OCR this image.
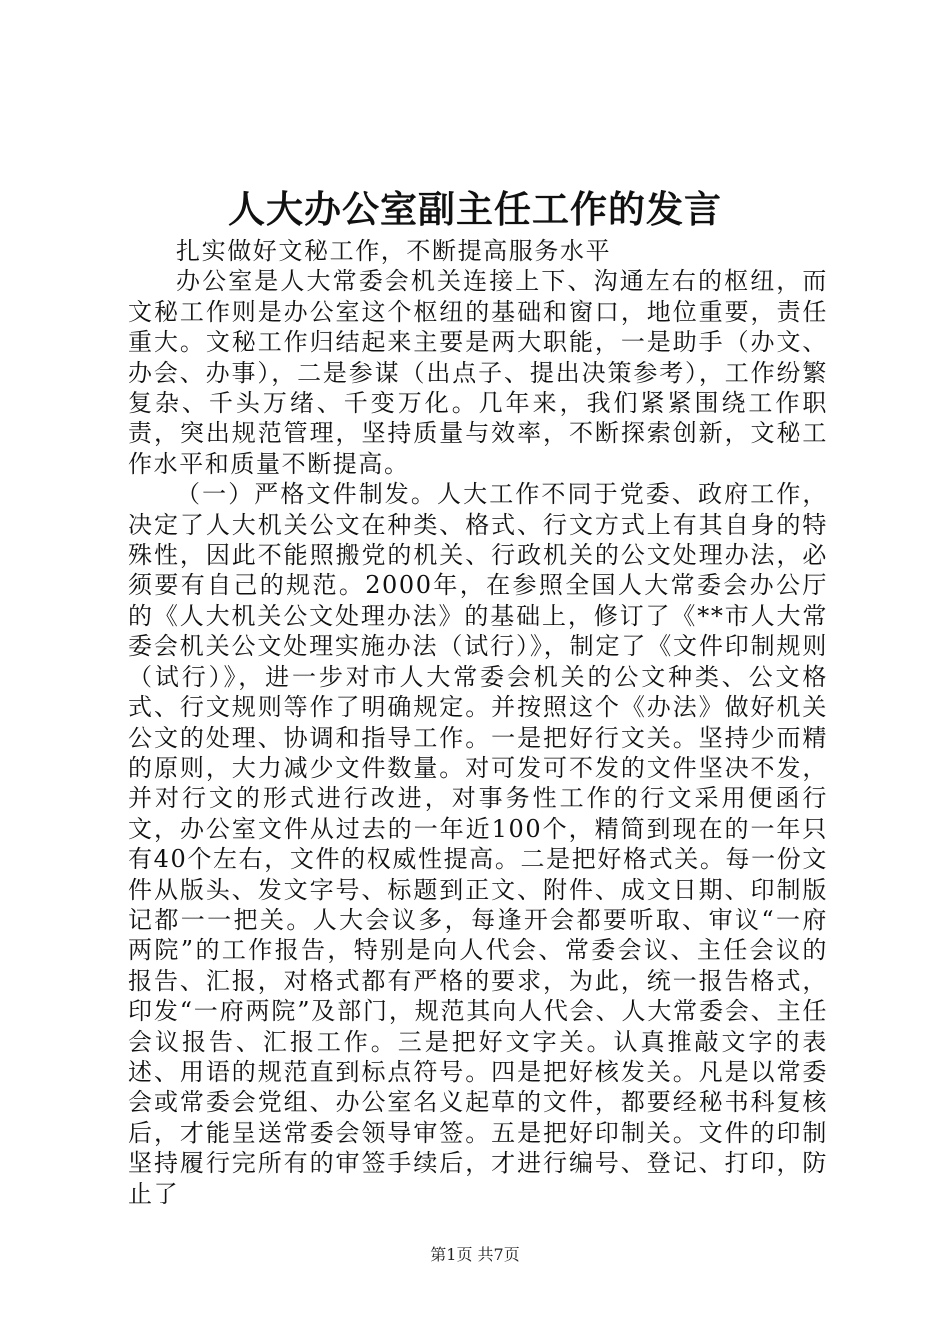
人大办公室副主任工作的发言

扎实做好文秘工作，不断提高服务水平

办公室是人大常委会机关连接上下、沟通左右的枢纽，而文秘工作则是办公室这个枢纽的基础和窗口，地位重要，责任重大。文秘工作归结起来主要是两大职能，一是助手（办文、办会、办事），二是参谋（出点子、提出决策参考），工作纷繁复杂、千头万绪、千变万化。几年来，我们紧紧围绕工作职责，突出规范管理，坚持质量与效率，不断探索创新，文秘工作水平和质量不断提高。

（一）严格文件制发。人大工作不同于党委、政府工作，决定了人大机关公文在种类、格式、行文方式上有其自身的特殊性，因此不能照搬党的机关、行政机关的公文处理办法，必须要有自己的规范。2000年，在参照全国人大常委会办公厅的《人大机关公文处理办法》的基础上，修订了《**市人大常委会机关公文处理实施办法（试行）》，制定了《文件印制规则（试行）》，进一步对市人大常委会机关的公文种类、公文格式、行文规则等作了明确规定。并按照这个《办法》做好机关公文的处理、协调和指导工作。一是把好行文关。坚持少而精的原则，大力减少文件数量。对可发可不发的文件坚决不发，并对行文的形式进行改进，对事务性工作的行文采用便函行文，办公室文件从过去的一年近100个，精简到现在的一年只有40个左右，文件的权威性提高。二是把好格式关。每一份文件从版头、发文字号、标题到正文、附件、成文日期、印制版记都一一把关。人大会议多，每逢开会都要听取、审议“一府两院”的工作报告，特别是向人代会、常委会议、主任会议的报告、汇报，对格式都有严格的要求，为此，统一报告格式，印发“一府两院”及部门，规范其向人代会、人大常委会、主任会议报告、汇报工作。三是把好文字关。认真推敲文字的表述、用语的规范直到标点符号。四是把好核发关。凡是以常委会或常委会党组、办公室名义起草的文件，都要经秘书科复核后，才能呈送常委会领导审签。五是把好印制关。文件的印制坚持履行完所有的审签手续后，才进行编号、登记、打印，防止了

第1页 共7页
